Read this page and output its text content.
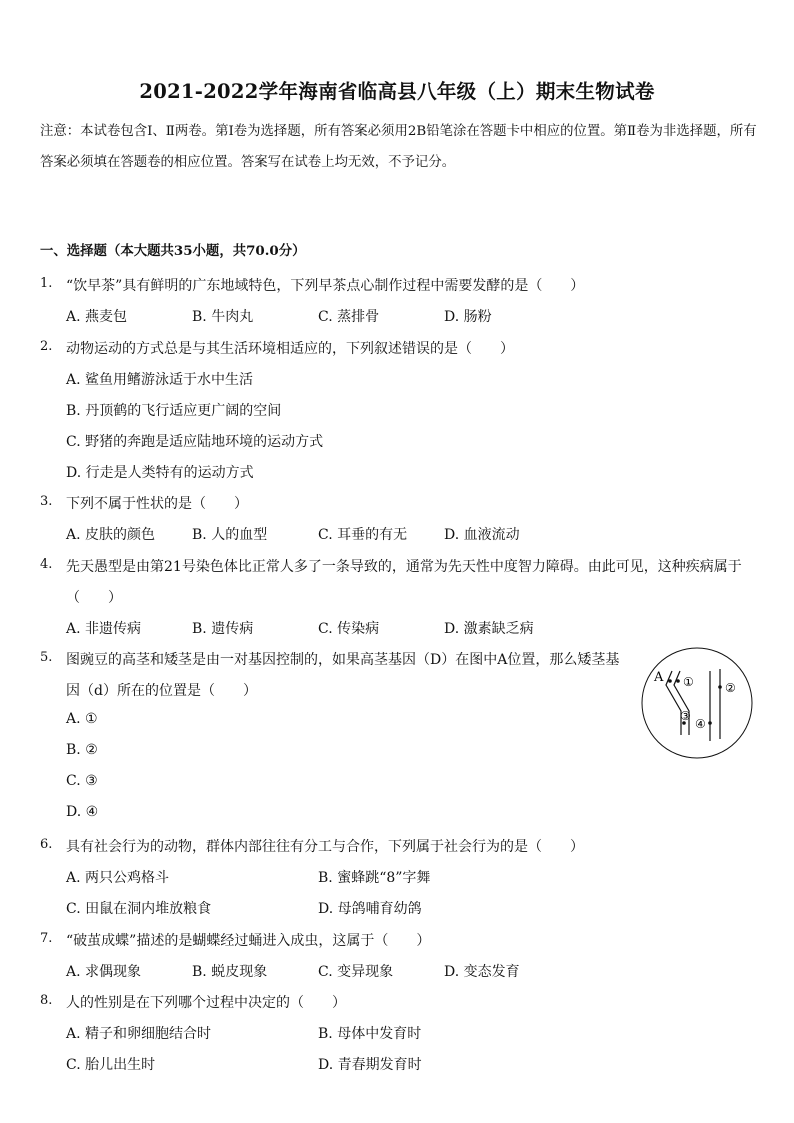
2021-2022学年海南省临高县八年级（上）期末生物试卷
注意：本试卷包含Ⅰ、Ⅱ两卷。第Ⅰ卷为选择题，所有答案必须用2B铅笔涂在答题卡中相应的位置。第Ⅱ卷为非选择题，所有答案必须填在答题卷的相应位置。答案写在试卷上均无效，不予记分。
一、选择题（本大题共35小题，共70.0分）
1. “饮早茶”具有鲜明的广东地域特色，下列早茶点心制作过程中需要发酵的是（　　）
A. 燕麦包	B. 牛肉丸	C. 蒸排骨	D. 肠粉
2. 动物运动的方式总是与其生活环境相适应的，下列叙述错误的是（　　）
A. 鲨鱼用鳍游泳适于水中生活
B. 丹顶鹤的飞行适应更广阔的空间
C. 野猪的奔跑是适应陆地环境的运动方式
D. 行走是人类特有的运动方式
3. 下列不属于性状的是（　　）
A. 皮肤的颜色	B. 人的血型	C. 耳垂的有无	D. 血液流动
4. 先天愚型是由第21号染色体比正常人多了一条导致的，通常为先天性中度智力障碍。由此可见，这种疾病属于
（　　）
A. 非遗传病	B. 遗传病	C. 传染病	D. 激素缺乏病
5. 图豌豆的高茎和矮茎是由一对基因控制的，如果高茎基因（D）在图中A位置，那么矮茎基
因（d）所在的位置是（　　）
A. ①
B. ②
C. ③
D. ④
A ①	②
③
④
6. 具有社会行为的动物，群体内部往往有分工与合作，下列属于社会行为的是（　　）
A. 两只公鸡格斗	B. 蜜蜂跳“8”字舞
C. 田鼠在洞内堆放粮食	D. 母鸽哺育幼鸽
7. “破茧成蝶”描述的是蝴蝶经过蛹进入成虫，这属于（　　）
A. 求偶现象	B. 蜕皮现象	C. 变异现象	D. 变态发育
8. 人的性别是在下列哪个过程中决定的（　　）
A. 精子和卵细胞结合时	B. 母体中发育时
C. 胎儿出生时	D. 青春期发育时
